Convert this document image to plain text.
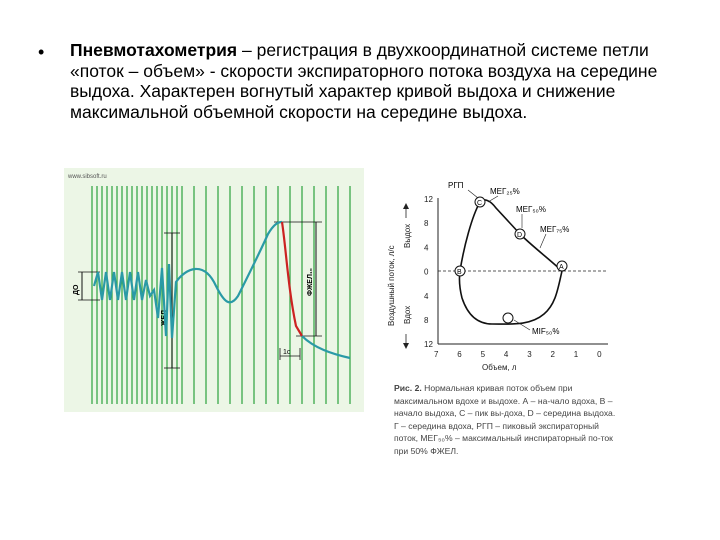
• Пневмотахометрия – регистрация в двухкоординатной системе петли «поток – объем» - скорости экспираторного потока воздуха на середине выдоха. Характерен вогнутый характер кривой выдоха и снижение максимальной объемной скорости на середине выдоха.
www.sibsoft.ru
ЖЕЛ
ДО	ФЖЕЛ₁₀
1с
Воздушный поток, л/с
Выдох
Вдох
12
8
4
0
4
8
12
7 6 5 4 3 2 1 0
Объем, л
C
D
A
B
РГП
МЕГ₂₅%
МЕГ₅₀%
МЕГ₇₅%
МIF₅₀%
Рис. 2. Нормальная кривая поток объем при максимальном вдохе и выдохе. А – на-чало вдоха, В – начало выдоха, С – пик вы-доха, D – середина выдоха. Г – середина вдоха, РГП – пиковый экспираторный поток, МЕГ₅₀% – максимальный инспираторный по-ток при 50% ФЖЕЛ.
